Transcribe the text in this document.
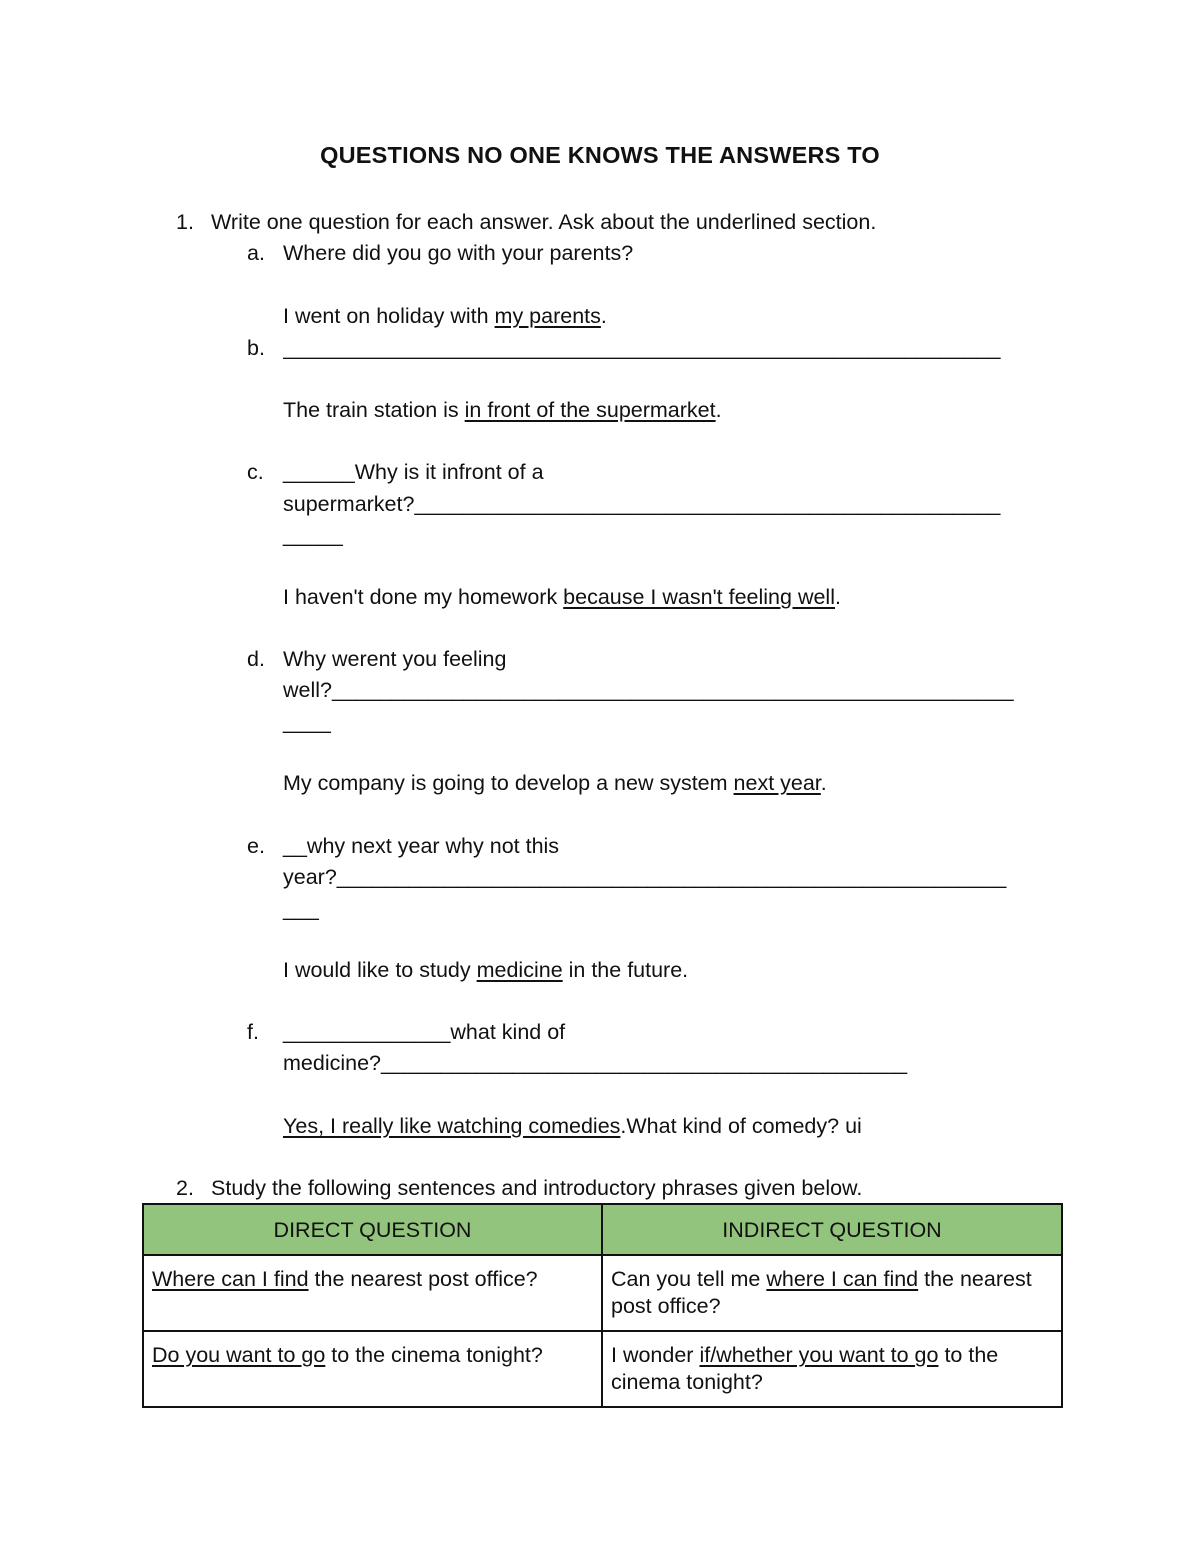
QUESTIONS NO ONE KNOWS THE ANSWERS TO
1. Write one question for each answer. Ask about the underlined section.
a. Where did you go with your parents?
I went on holiday with my parents.
b. ____________________________________________________________
The train station is in front of the supermarket.
c. ______Why is it infront of a
supermarket?_________________________________________________
_____
I haven't done my homework because I wasn't feeling well.
d. Why werent you feeling
well?_________________________________________________________
____
My company is going to develop a new system next year.
e. __why next year why not this
year?________________________________________________________
___
I would like to study medicine in the future.
f. ______________what kind of
medicine?____________________________________________
Yes, I really like watching comedies.What kind of comedy? ui
2. Study the following sentences and introductory phrases given below.
DIRECT QUESTION	INDIRECT QUESTION
Where can I find the nearest post office?	Can you tell me where I can find the nearest post office?
Do you want to go to the cinema tonight?	I wonder if/whether you want to go to the cinema tonight?
